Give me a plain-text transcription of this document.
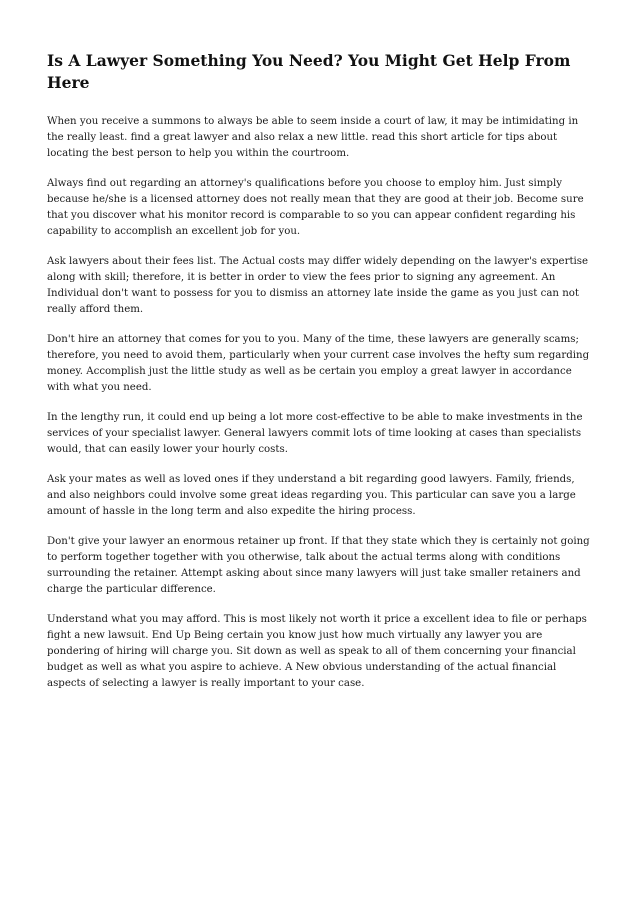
Is A Lawyer Something You Need? You Might Get Help From Here

When you receive a summons to always be able to seem inside a court of law, it may be intimidating in the really least. find a great lawyer and also relax a new little. read this short article for tips about locating the best person to help you within the courtroom.

Always find out regarding an attorney's qualifications before you choose to employ him. Just simply because he/she is a licensed attorney does not really mean that they are good at their job. Become sure that you discover what his monitor record is comparable to so you can appear confident regarding his capability to accomplish an excellent job for you.

Ask lawyers about their fees list. The Actual costs may differ widely depending on the lawyer's expertise along with skill; therefore, it is better in order to view the fees prior to signing any agreement. An Individual don't want to possess for you to dismiss an attorney late inside the game as you just can not really afford them.

Don't hire an attorney that comes for you to you. Many of the time, these lawyers are generally scams; therefore, you need to avoid them, particularly when your current case involves the hefty sum regarding money. Accomplish just the little study as well as be certain you employ a great lawyer in accordance with what you need.

In the lengthy run, it could end up being a lot more cost-effective to be able to make investments in the services of your specialist lawyer. General lawyers commit lots of time looking at cases than specialists would, that can easily lower your hourly costs.

Ask your mates as well as loved ones if they understand a bit regarding good lawyers. Family, friends, and also neighbors could involve some great ideas regarding you. This particular can save you a large amount of hassle in the long term and also expedite the hiring process.

Don't give your lawyer an enormous retainer up front. If that they state which they is certainly not going to perform together together with you otherwise, talk about the actual terms along with conditions surrounding the retainer. Attempt asking about since many lawyers will just take smaller retainers and charge the particular difference.

Understand what you may afford. This is most likely not worth it price a excellent idea to file or perhaps fight a new lawsuit. End Up Being certain you know just how much virtually any lawyer you are pondering of hiring will charge you. Sit down as well as speak to all of them concerning your financial budget as well as what you aspire to achieve. A New obvious understanding of the actual financial aspects of selecting a lawyer is really important to your case.
